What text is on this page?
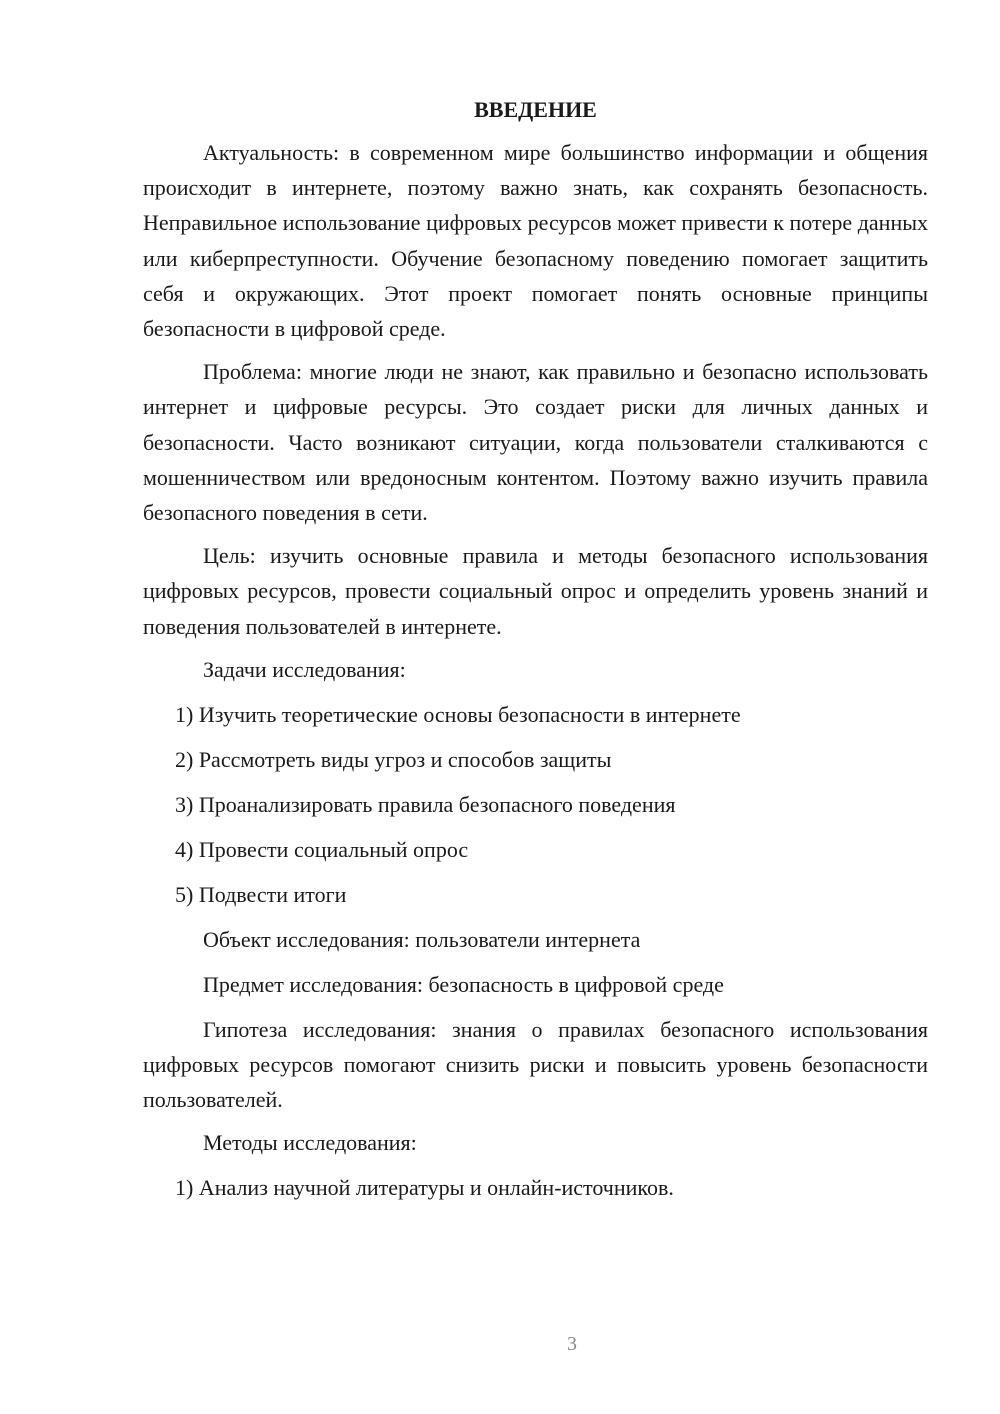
ВВЕДЕНИЕ

Актуальность: в современном мире большинство информации и общения происходит в интернете, поэтому важно знать, как сохранять безопасность. Неправильное использование цифровых ресурсов может привести к потере данных или киберпреступности. Обучение безопасному поведению помогает защитить себя и окружающих. Этот проект помогает понять основные принципы безопасности в цифровой среде.

Проблема: многие люди не знают, как правильно и безопасно использовать интернет и цифровые ресурсы. Это создает риски для личных данных и безопасности. Часто возникают ситуации, когда пользователи сталкиваются с мошенничеством или вредоносным контентом. Поэтому важно изучить правила безопасного поведения в сети.

Цель: изучить основные правила и методы безопасного использования цифровых ресурсов, провести социальный опрос и определить уровень знаний и поведения пользователей в интернете.

Задачи исследования:

1) Изучить теоретические основы безопасности в интернете

2) Рассмотреть виды угроз и способов защиты

3) Проанализировать правила безопасного поведения

4) Провести социальный опрос

5) Подвести итоги

Объект исследования: пользователи интернета

Предмет исследования: безопасность в цифровой среде

Гипотеза исследования: знания о правилах безопасного использования цифровых ресурсов помогают снизить риски и повысить уровень безопасности пользователей.

Методы исследования:

1) Анализ научной литературы и онлайн-источников.

3
